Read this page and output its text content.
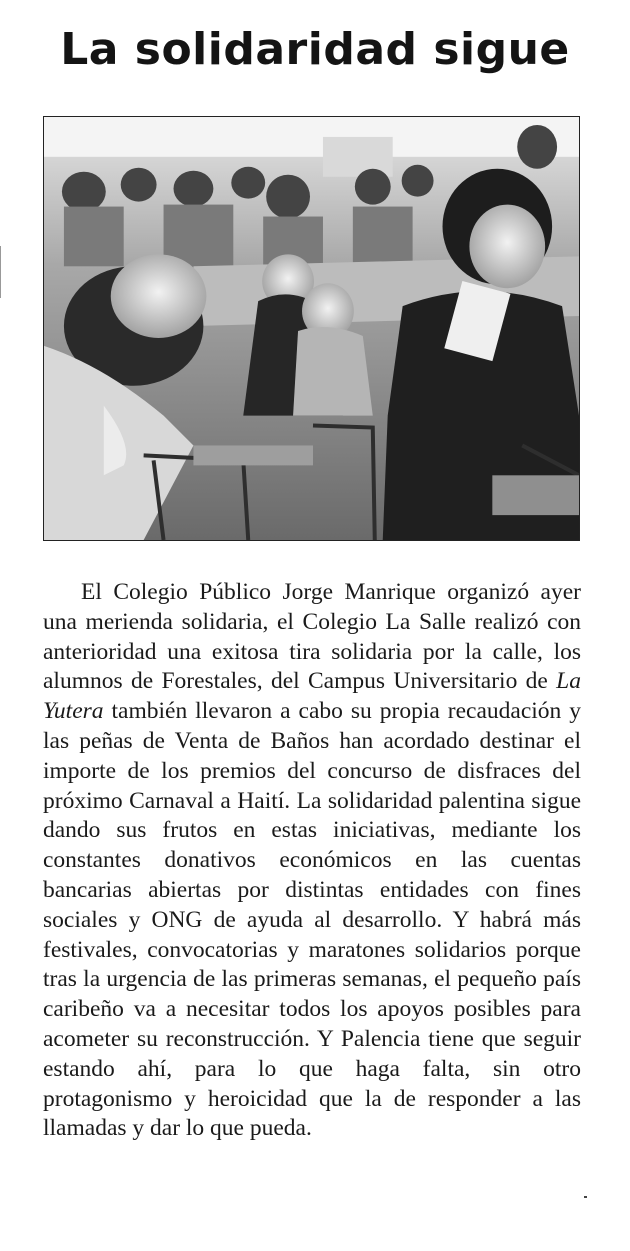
La solidaridad sigue

El Colegio Público Jorge Manrique organizó ayer una merienda solidaria, el Colegio La Salle realizó con anterioridad una exitosa tira solidaria por la calle, los alumnos de Forestales, del Campus Universitario de La Yutera también llevaron a cabo su propia recaudación y las peñas de Venta de Baños han acordado destinar el importe de los premios del concurso de disfraces del próximo Carnaval a Haití. La solidaridad palentina sigue dando sus frutos en estas iniciativas, mediante los constantes donativos económicos en las cuentas bancarias abiertas por distintas entidades con fines sociales y ONG de ayuda al desarrollo. Y habrá más festivales, convocatorias y maratones solidarios porque tras la urgencia de las primeras semanas, el pequeño país caribeño va a necesitar todos los apoyos posibles para acometer su reconstrucción. Y Palencia tiene que seguir estando ahí, para lo que haga falta, sin otro protagonismo y heroicidad que la de responder a las llamadas y dar lo que pueda.
